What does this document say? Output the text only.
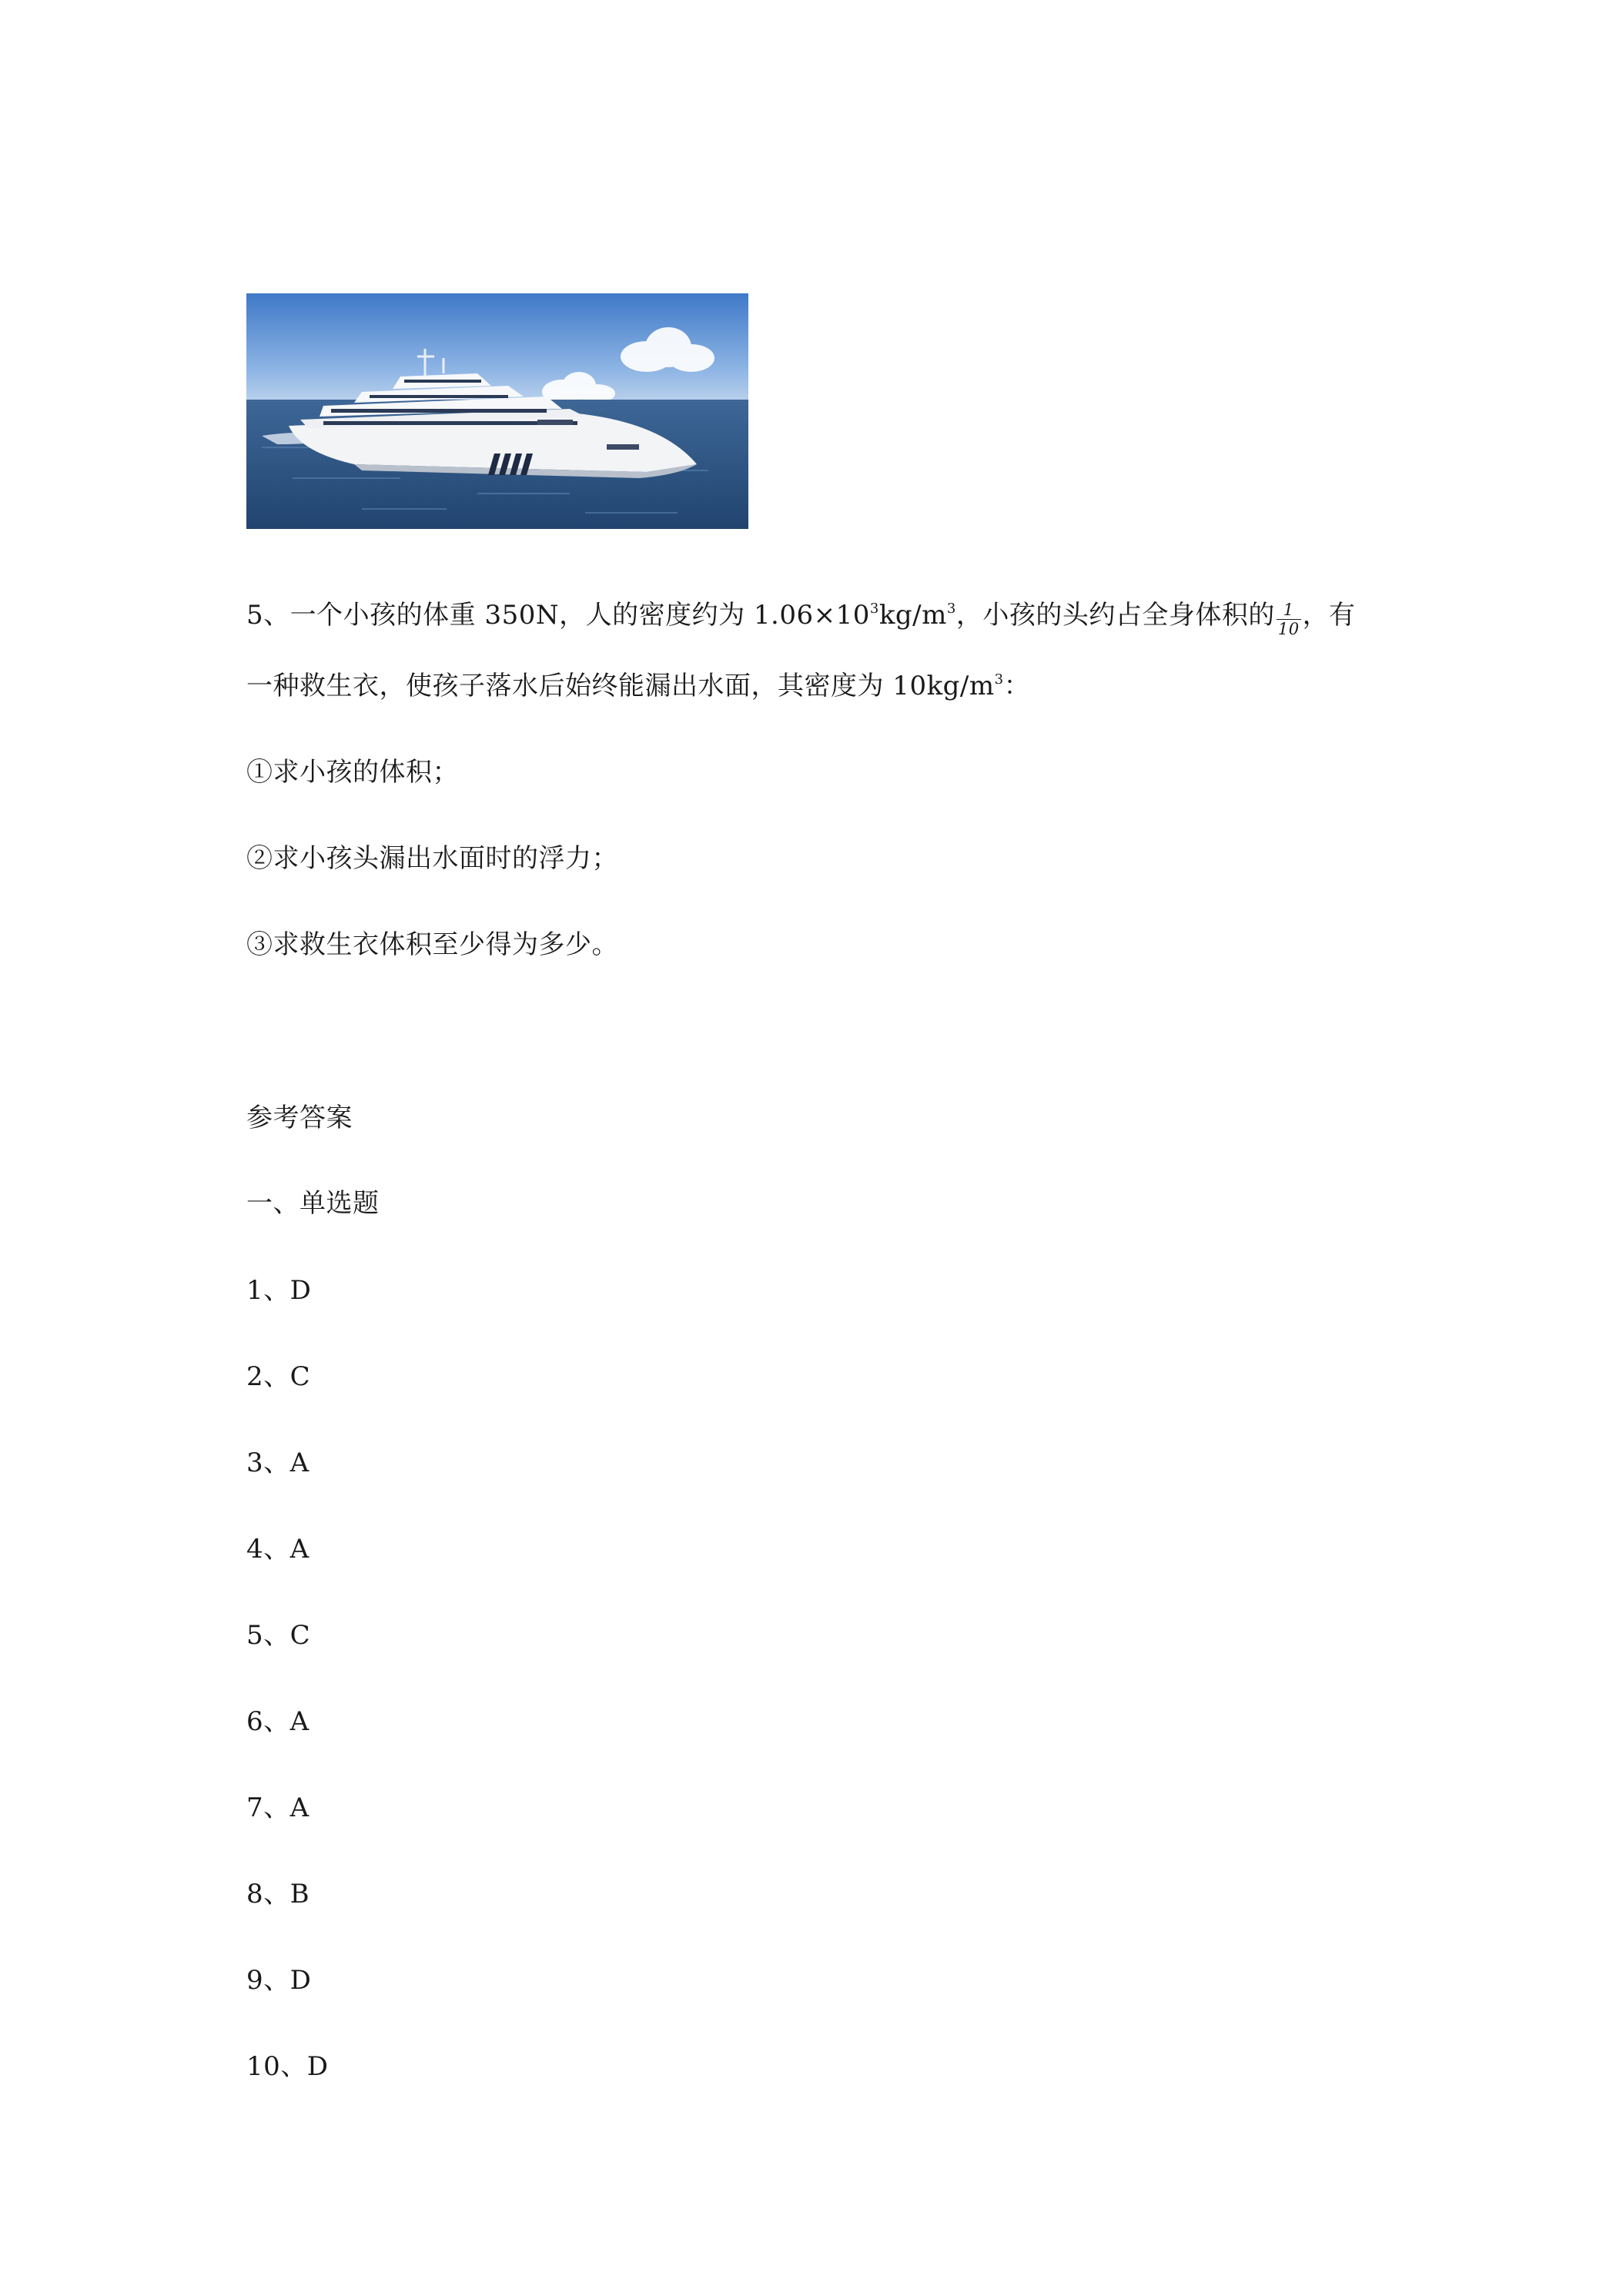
5、一个小孩的体重 350N，人的密度约为 $1.06\times 10^3kg/m^3$，小孩的头约占全身体积的 $\frac{1}{10}$ ，有
一种救生衣，使孩子落水后始终能漏出水面，其密度为 $10kg/m^3$：
①求小孩的体积；
②求小孩头漏出水面时的浮力；
③求救生衣体积至少得为多少。
参考答案
一、单选题
1、D
2、C
3、A
4、A
5、C
6、A
7、A
8、B
9、D
10、D
